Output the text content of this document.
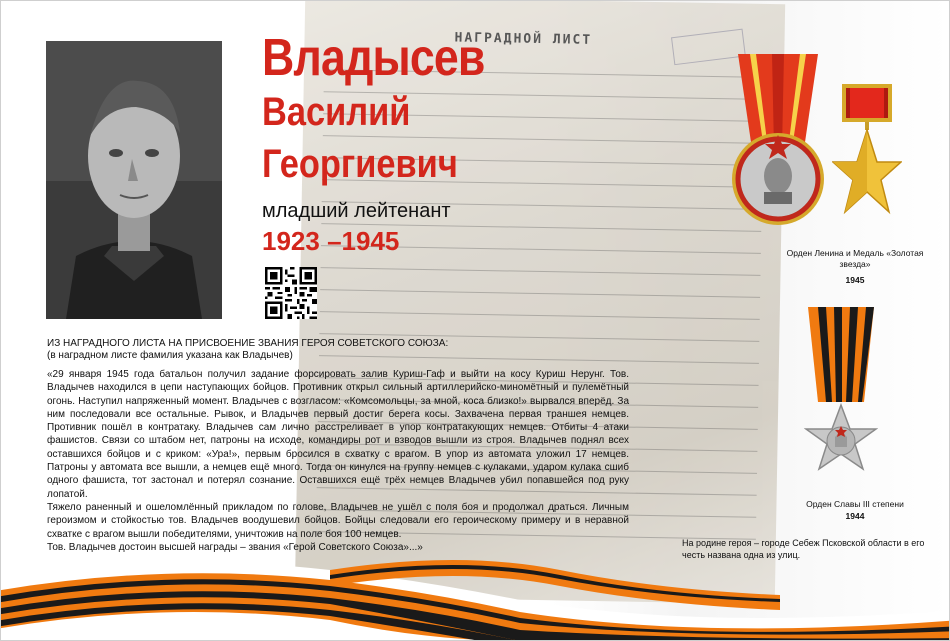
НАГРАДНОЙ ЛИСТ
Владысев
Василий
Георгиевич
младший лейтенант
1923 –1945
ИЗ НАГРАДНОГО ЛИСТА НА ПРИСВОЕНИЕ ЗВАНИЯ ГЕРОЯ СОВЕТСКОГО СОЮЗА:
(в наградном листе фамилия указана как Владычев)

«29 января 1945 года батальон получил задание форсировать залив Куриш-Гаф и выйти на косу Куриш Нерунг. Тов. Владычев находился в цепи наступающих бойцов. Противник открыл сильный артиллерийско-миномётный и пулемётный огонь. Наступил напряженный момент. Владычев с возгласом: «Комсомольцы, за мной, коса близко!» вырвался вперёд. За ним последовали все остальные. Рывок, и Владычев первый достиг берега косы. Захвачена первая траншея немцев. Противник пошёл в контратаку. Владычев сам лично расстреливает в упор контратакующих немцев. Отбиты 4 атаки фашистов. Связи со штабом нет, патроны на исходе, командиры рот и взводов вышли из строя. Владычев поднял всех оставшихся бойцов и с криком: «Ура!», первым бросился в схватку с врагом. В упор из автомата уложил 17 немцев. Патроны у автомата все вышли, а немцев ещё много. Тогда он кинулся на группу немцев с кулаками, ударом кулака сшиб одного фашиста, тот застонал и потерял сознание. Оставшихся ещё трёх немцев Владычев убил попавшейся под руку лопатой.

Тяжело раненный и ошеломлённый прикладом по голове, Владычев не ушёл с поля боя и продолжал драться. Личным героизмом и стойкостью тов. Владычев воодушевил бойцов. Бойцы следовали его героическому примеру и в неравной схватке с врагом вышли победителями, уничтожив на поле боя 100 немцев.

Тов. Владычев достоин высшей награды – звания «Герой Советского Союза»...»

Орден Ленина и Медаль «Золотая звезда»
1945
Орден Славы III степени
1944
На родине героя – городе Себеж Псковской области в его честь названа одна из улиц.
